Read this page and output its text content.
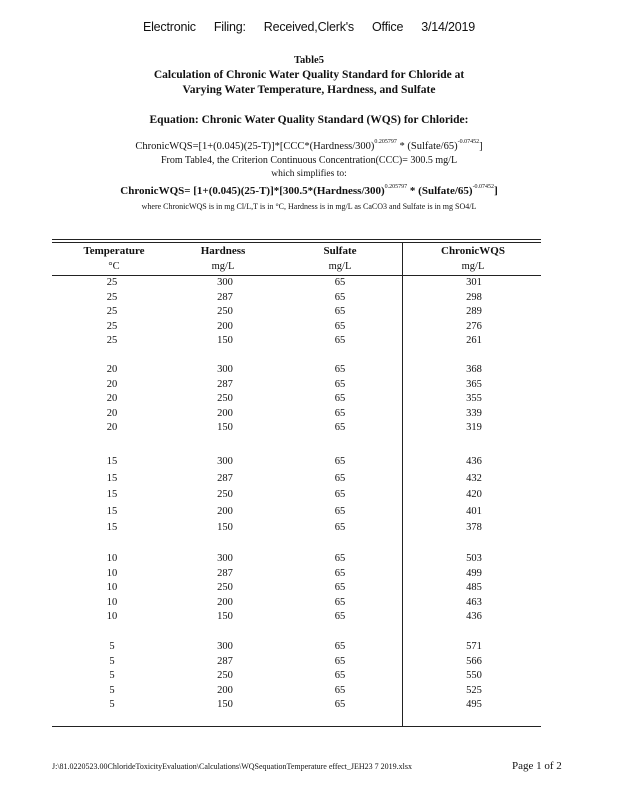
Electronic Filing: Received,Clerk's Office 3/14/2019
Table5
Calculation of Chronic Water Quality Standard for Chloride at
Varying Water Temperature, Hardness, and Sulfate
Equation: Chronic Water Quality Standard (WQS) for Chloride:
ChronicWQS=[1+(0.045)(25-T)]*[CCC*(Hardness/300)$^{0.205797}$ * (Sulfate/65)$^{-0.07452}$]
From Table4, the Criterion Continuous Concentration(CCC)= 300.5 mg/L
which simplifies to:
ChronicWQS= [1+(0.045)(25-T)]*[300.5*(Hardness/300)$^{0.205797}$ * (Sulfate/65)$^{-0.07452}$]
where ChronicWQS is in mg Cl/L,T is in °C, Hardness is in mg/L as CaCO3 and Sulfate is in mg SO4/L
Temperature	Hardness	Sulfate	ChronicWQS
°C	mg/L	mg/L	mg/L
25	300	65	301
25	287	65	298
25	250	65	289
25	200	65	276
25	150	65	261
20	300	65	368
20	287	65	365
20	250	65	355
20	200	65	339
20	150	65	319
15	300	65	436
15	287	65	432
15	250	65	420
15	200	65	401
15	150	65	378
10	300	65	503
10	287	65	499
10	250	65	485
10	200	65	463
10	150	65	436
5	300	65	571
5	287	65	566
5	250	65	550
5	200	65	525
5	150	65	495
J:\81.0220523.00ChlorideToxicityEvaluation\Calculations\WQSequationTemperature effect_JEH23 7 2019.xlsx	Page 1 of 2
